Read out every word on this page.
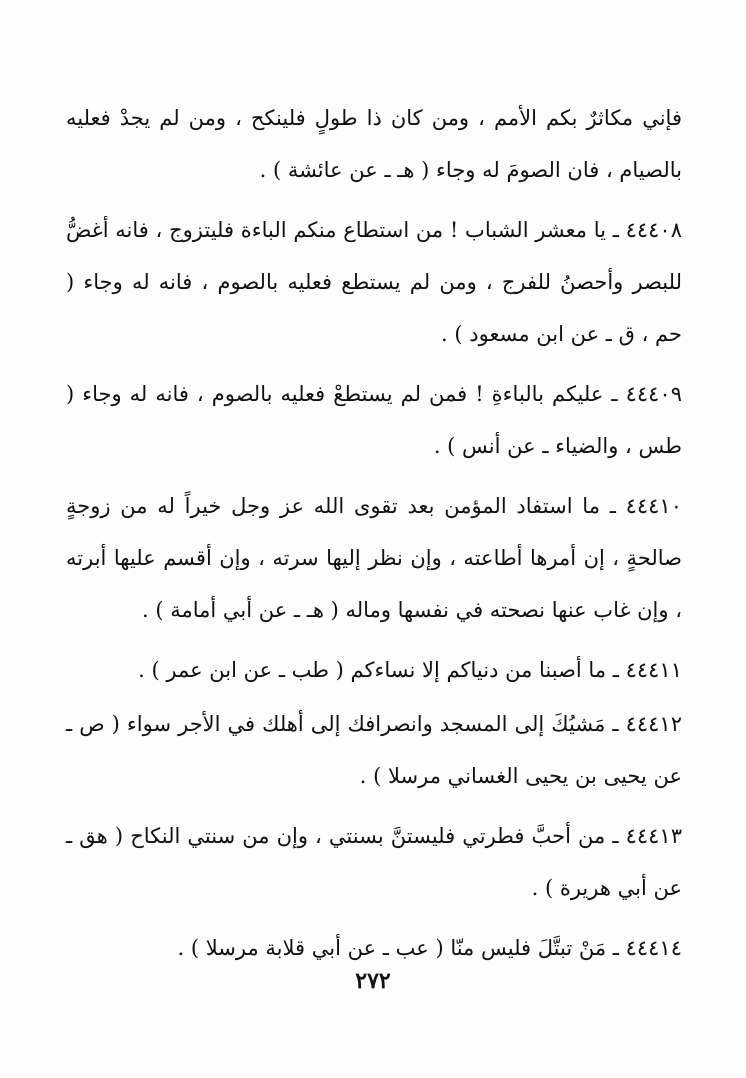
فإني مكاثرٌ بكم الأمم ، ومن كان ذا طولٍ فلينكح ، ومن لم يجدْ فعليه بالصيام ، فان الصومَ له وجاء ( هـ ـ عن عائشة ) .

٤٤٤٠٨ ـ يا معشر الشباب ! من استطاع منكم الباءة فليتزوج ، فانه أغضُّ للبصر وأحصنُ للفرج ، ومن لم يستطع فعليه بالصوم ، فانه له وجاء ( حم ، ق ـ عن ابن مسعود ) .

٤٤٤٠٩ ـ عليكم بالباءةِ ! فمن لم يستطعْ فعليه بالصوم ، فانه له وجاء ( طس ، والضياء ـ عن أنس ) .

٤٤٤١٠ ـ ما استفاد المؤمن بعد تقوى الله عز وجل خيراً له من زوجةٍ صالحةٍ ، إن أمرها أطاعته ، وإن نظر إليها سرته ، وإن أقسم عليها أبرته ، وإن غاب عنها نصحته في نفسها وماله ( هـ ـ عن أبي أمامة ) .

٤٤٤١١ ـ ما أصبنا من دنياكم إلا نساءكم ( طب ـ عن ابن عمر ) .

٤٤٤١٢ ـ مَشيُكَ إلى المسجد وانصرافك إلى أهلك في الأجر سواء ( ص ـ عن يحيى بن يحيى الغساني مرسلا ) .

٤٤٤١٣ ـ من أحبَّ فطرتي فليستنَّ بسنتي ، وإن من سنتي النكاح ( هق ـ عن أبي هريرة ) .

٤٤٤١٤ ـ مَنْ تبتَّلَ فليس منّا ( عب ـ عن أبي قلابة مرسلا ) .

٢٧٢
